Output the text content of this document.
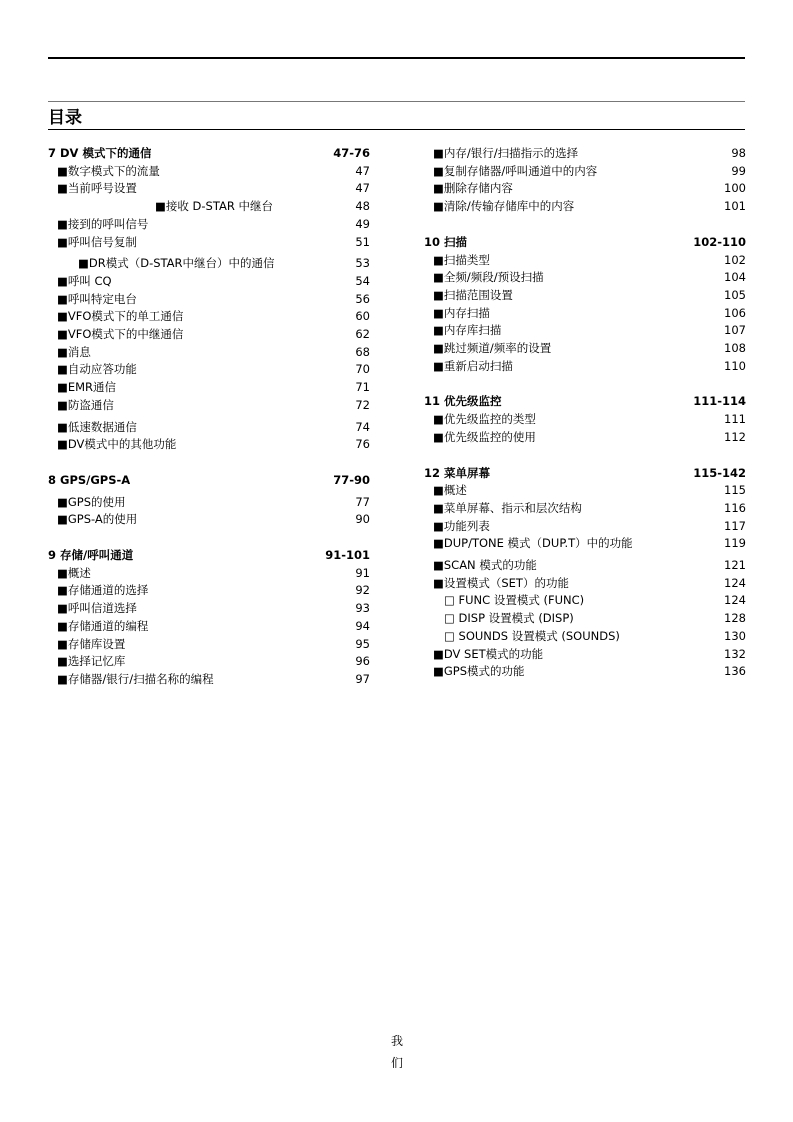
目录
7 DV 模式下的通信	47-76
■数字模式下的流量	47
■当前呼号设置	47
■接收 D-STAR 中继台	48
■接到的呼叫信号	49
■呼叫信号复制	51
■DR模式（D-STAR中继台）中的通信	53
■呼叫 CQ	54
■呼叫特定电台	56
■VFO模式下的单工通信	60
■VFO模式下的中继通信	62
■消息	68
■自动应答功能	70
■EMR通信	71
■防盗通信	72
■低速数据通信	74
■DV模式中的其他功能	76
8 GPS/GPS-A	77-90
■GPS的使用	77
■GPS-A的使用	90
9 存储/呼叫通道	91-101
■概述	91
■存储通道的选择	92
■呼叫信道选择	93
■存储通道的编程	94
■存储库设置	95
■选择记忆库	96
■存储器/银行/扫描名称的编程	97
■内存/银行/扫描指示的选择	98
■复制存储器/呼叫通道中的内容	99
■删除存储内容	100
■清除/传输存储库中的内容	101
10 扫描	102-110
■扫描类型	102
■全频/频段/预设扫描	104
■扫描范围设置	105
■内存扫描	106
■内存库扫描	107
■跳过频道/频率的设置	108
■重新启动扫描	110
11 优先级监控	111-114
■优先级监控的类型	111
■优先级监控的使用	112
12 菜单屏幕	115-142
■概述	115
■菜单屏幕、指示和层次结构	116
■功能列表	117
■DUP/TONE 模式（DUP.T）中的功能	119
■SCAN 模式的功能	121
■设置模式（SET）的功能	124
□ FUNC 设置模式 (FUNC)	124
□ DISP 设置模式 (DISP)	128
□ SOUNDS 设置模式 (SOUNDS)	130
■DV SET模式的功能	132
■GPS模式的功能	136
我
们
